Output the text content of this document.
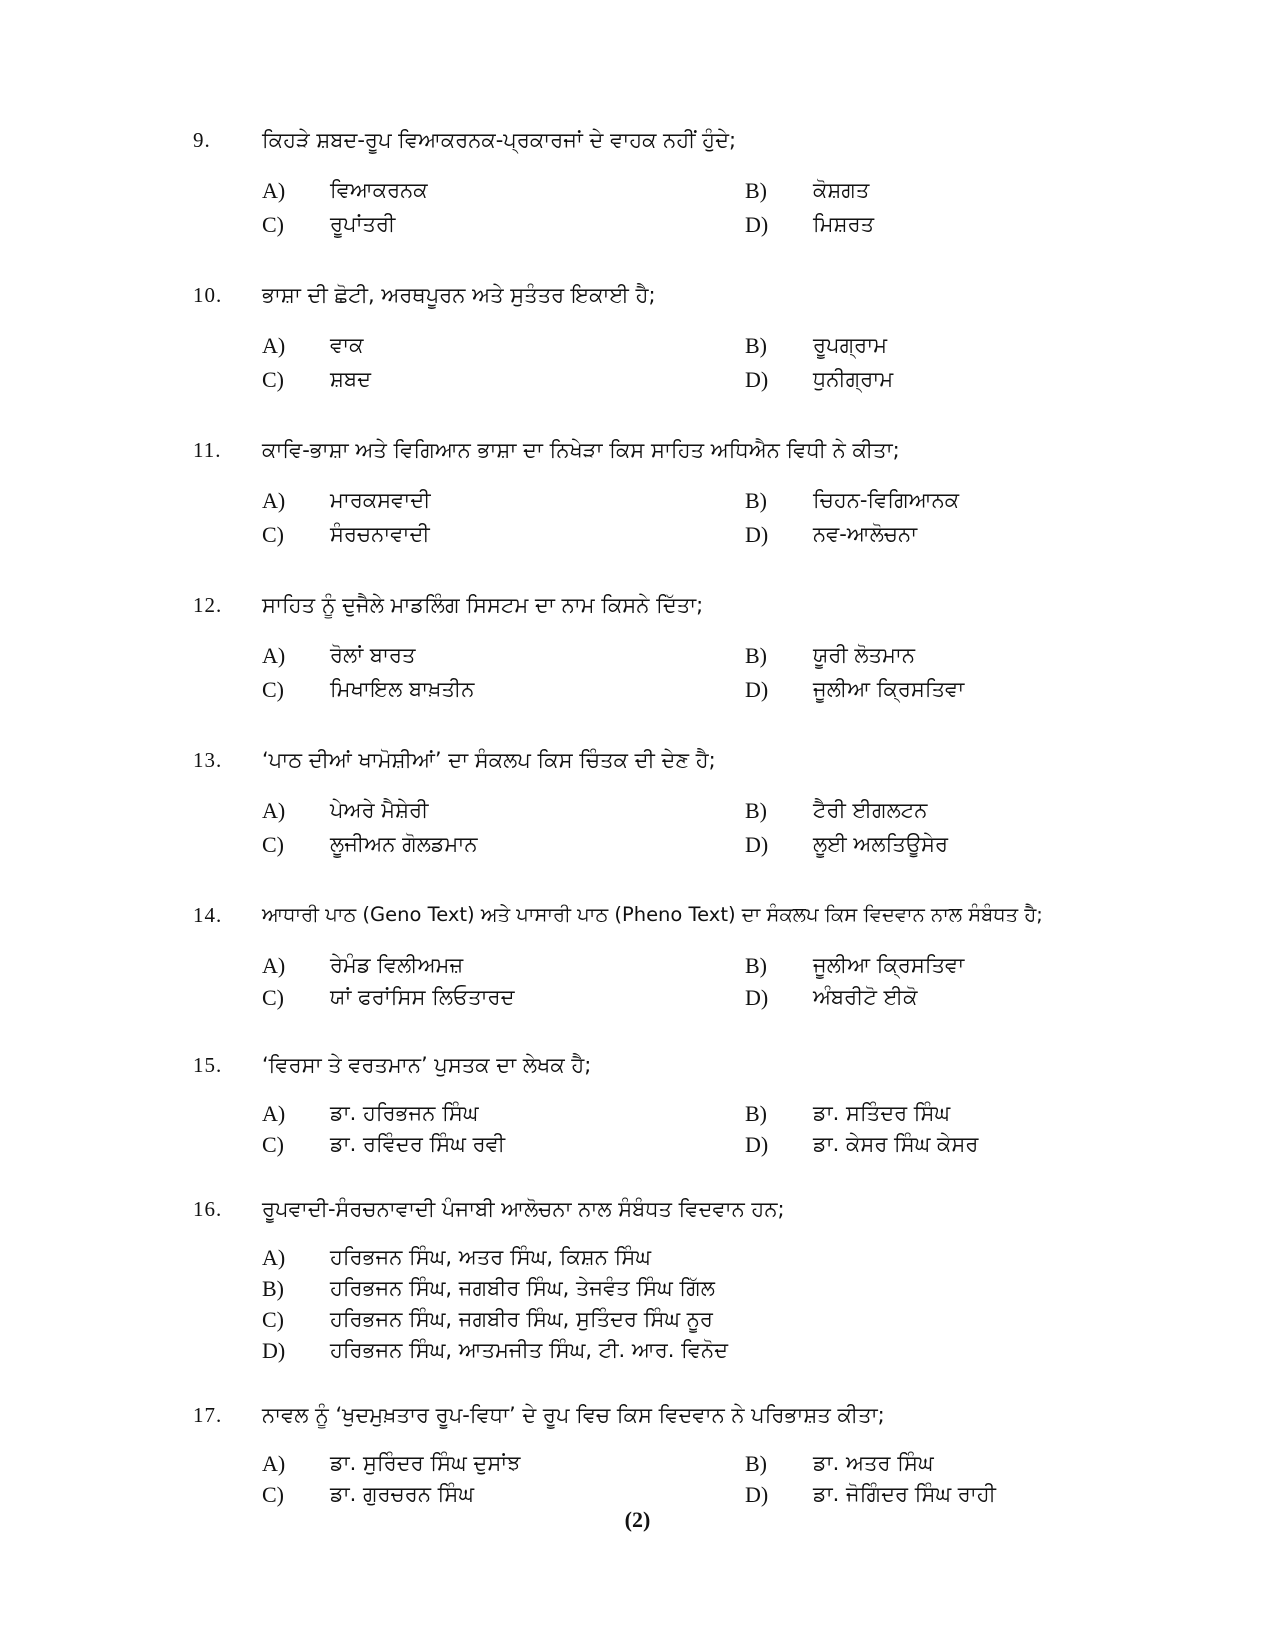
9. ਕਿਹੜੇ ਸ਼ਬਦ-ਰੂਪ ਵਿਆਕਰਨਕ-ਪ੍ਰਕਾਰਜਾਂ ਦੇ ਵਾਹਕ ਨਹੀਂ ਹੁੰਦੇ;
A) ਵਿਆਕਰਨਕ	B) ਕੋਸ਼ਗਤ
C) ਰੂਪਾਂਤਰੀ	D) ਮਿਸ਼ਰਤ
10. ਭਾਸ਼ਾ ਦੀ ਛੋਟੀ, ਅਰਥਪੂਰਨ ਅਤੇ ਸੁਤੰਤਰ ਇਕਾਈ ਹੈ;
A) ਵਾਕ	B) ਰੂਪਗ੍ਰਾਮ
C) ਸ਼ਬਦ	D) ਧੁਨੀਗ੍ਰਾਮ
11. ਕਾਵਿ-ਭਾਸ਼ਾ ਅਤੇ ਵਿਗਿਆਨ ਭਾਸ਼ਾ ਦਾ ਨਿਖੇੜਾ ਕਿਸ ਸਾਹਿਤ ਅਧਿਐਨ ਵਿਧੀ ਨੇ ਕੀਤਾ;
A) ਮਾਰਕਸਵਾਦੀ	B) ਚਿਹਨ-ਵਿਗਿਆਨਕ
C) ਸੰਰਚਨਾਵਾਦੀ	D) ਨਵ-ਆਲੋਚਨਾ
12. ਸਾਹਿਤ ਨੂੰ ਦੁਜੈਲੇ ਮਾਡਲਿੰਗ ਸਿਸਟਮ ਦਾ ਨਾਮ ਕਿਸਨੇ ਦਿੱਤਾ;
A) ਰੋਲਾਂ ਬਾਰਤ	B) ਯੂਰੀ ਲੋਤਮਾਨ
C) ਮਿਖਾਇਲ ਬਾਖ਼ਤੀਨ	D) ਜੂਲੀਆ ਕ੍ਰਿਸਤਿਵਾ
13. ‘ਪਾਠ ਦੀਆਂ ਖਾਮੋਸ਼ੀਆਂ’ ਦਾ ਸੰਕਲਪ ਕਿਸ ਚਿੰਤਕ ਦੀ ਦੇਣ ਹੈ;
A) ਪੇਅਰੇ ਮੈਸ਼ੇਰੀ	B) ਟੈਰੀ ਈਗਲਟਨ
C) ਲੂਜੀਅਨ ਗੋਲਡਮਾਨ	D) ਲੂਈ ਅਲਤਿਊਸੇਰ
14. ਆਧਾਰੀ ਪਾਠ (Geno Text) ਅਤੇ ਪਾਸਾਰੀ ਪਾਠ (Pheno Text) ਦਾ ਸੰਕਲਪ ਕਿਸ ਵਿਦਵਾਨ ਨਾਲ ਸੰਬੰਧਤ ਹੈ;
A) ਰੇਮੰਡ ਵਿਲੀਅਮਜ਼	B) ਜੂਲੀਆ ਕ੍ਰਿਸਤਿਵਾ
C) ਯਾਂ ਫਰਾਂਸਿਸ ਲਿਓਤਾਰਦ	D) ਅੰਬਰੀਟੋ ਈਕੋ
15. ‘ਵਿਰਸਾ ਤੇ ਵਰਤਮਾਨ’ ਪੁਸਤਕ ਦਾ ਲੇਖਕ ਹੈ;
A) ਡਾ. ਹਰਿਭਜਨ ਸਿੰਘ	B) ਡਾ. ਸਤਿੰਦਰ ਸਿੰਘ
C) ਡਾ. ਰਵਿੰਦਰ ਸਿੰਘ ਰਵੀ	D) ਡਾ. ਕੇਸਰ ਸਿੰਘ ਕੇਸਰ
16. ਰੂਪਵਾਦੀ-ਸੰਰਚਨਾਵਾਦੀ ਪੰਜਾਬੀ ਆਲੋਚਨਾ ਨਾਲ ਸੰਬੰਧਤ ਵਿਦਵਾਨ ਹਨ;
A) ਹਰਿਭਜਨ ਸਿੰਘ, ਅਤਰ ਸਿੰਘ, ਕਿਸ਼ਨ ਸਿੰਘ
B) ਹਰਿਭਜਨ ਸਿੰਘ, ਜਗਬੀਰ ਸਿੰਘ, ਤੇਜਵੰਤ ਸਿੰਘ ਗਿੱਲ
C) ਹਰਿਭਜਨ ਸਿੰਘ, ਜਗਬੀਰ ਸਿੰਘ, ਸੁਤਿੰਦਰ ਸਿੰਘ ਨੂਰ
D) ਹਰਿਭਜਨ ਸਿੰਘ, ਆਤਮਜੀਤ ਸਿੰਘ, ਟੀ. ਆਰ. ਵਿਨੋਦ
17. ਨਾਵਲ ਨੂੰ ‘ਖੁਦਮੁਖ਼ਤਾਰ ਰੂਪ-ਵਿਧਾ’ ਦੇ ਰੂਪ ਵਿਚ ਕਿਸ ਵਿਦਵਾਨ ਨੇ ਪਰਿਭਾਸ਼ਤ ਕੀਤਾ;
A) ਡਾ. ਸੁਰਿੰਦਰ ਸਿੰਘ ਦੁਸਾਂਝ	B) ਡਾ. ਅਤਰ ਸਿੰਘ
C) ਡਾ. ਗੁਰਚਰਨ ਸਿੰਘ	D) ਡਾ. ਜੋਗਿੰਦਰ ਸਿੰਘ ਰਾਹੀ
(2)
